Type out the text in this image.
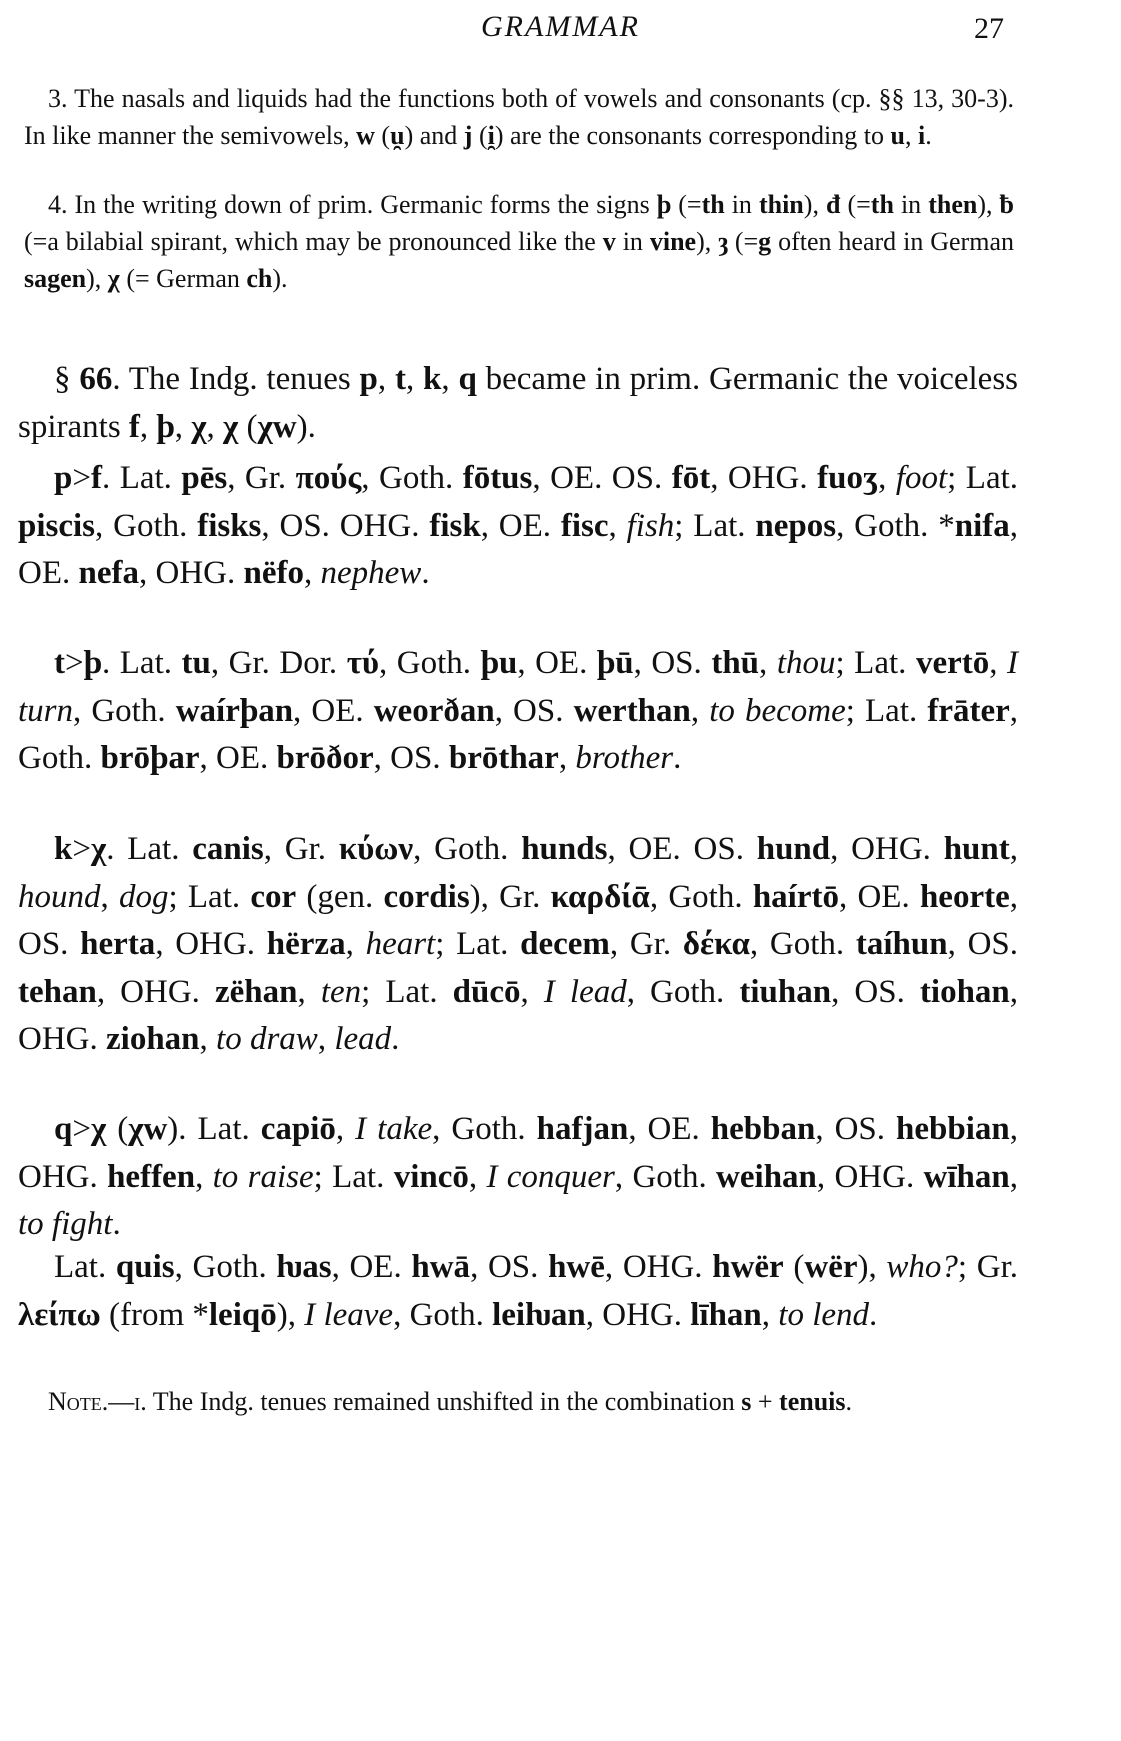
GRAMMAR	27

3. The nasals and liquids had the functions both of vowels and consonants (cp. §§ 13, 30-3). In like manner the semivowels, w (u̯) and j (i̯) are the consonants corresponding to u, i.

4. In the writing down of prim. Germanic forms the signs þ (=th in thin), đ (=th in then), ƀ (=a bilabial spirant, which may be pronounced like the v in vine), ȝ (=g often heard in German sagen), χ (= German ch).

§ 66. The Indg. tenues p, t, k, q became in prim. Germanic the voiceless spirants f, þ, χ, χ (χw).

p>f. Lat. pēs, Gr. πούς, Goth. fōtus, OE. OS. fōt, OHG. fuoʒ, foot; Lat. piscis, Goth. fisks, OS. OHG. fisk, OE. fisc, fish; Lat. nepos, Goth. *nifa, OE. nefa, OHG. nëfo, nephew.

t>þ. Lat. tu, Gr. Dor. τύ, Goth. þu, OE. þū, OS. thū, thou; Lat. vertō, I turn, Goth. waírþan, OE. weorðan, OS. werthan, to become; Lat. frāter, Goth. brōþar, OE. brōðor, OS. brōthar, brother.

k>χ. Lat. canis, Gr. κύων, Goth. hunds, OE. OS. hund, OHG. hunt, hound, dog; Lat. cor (gen. cordis), Gr. καρδίᾱ, Goth. haírtō, OE. heorte, OS. herta, OHG. hërza, heart; Lat. decem, Gr. δέκα, Goth. taíhun, OS. tehan, OHG. zëhan, ten; Lat. dūcō, I lead, Goth. tiuhan, OS. tiohan, OHG. ziohan, to draw, lead.

q>χ (χw). Lat. capiō, I take, Goth. hafjan, OE. hebban, OS. hebbian, OHG. heffen, to raise; Lat. vincō, I conquer, Goth. weihan, OHG. wīhan, to fight.

Lat. quis, Goth. ƕas, OE. hwā, OS. hwē, OHG. hwër (wër), who?; Gr. λείπω (from *leiqō), I leave, Goth. leiƕan, OHG. līhan, to lend.

Note.—i. The Indg. tenues remained unshifted in the combination s + tenuis.
